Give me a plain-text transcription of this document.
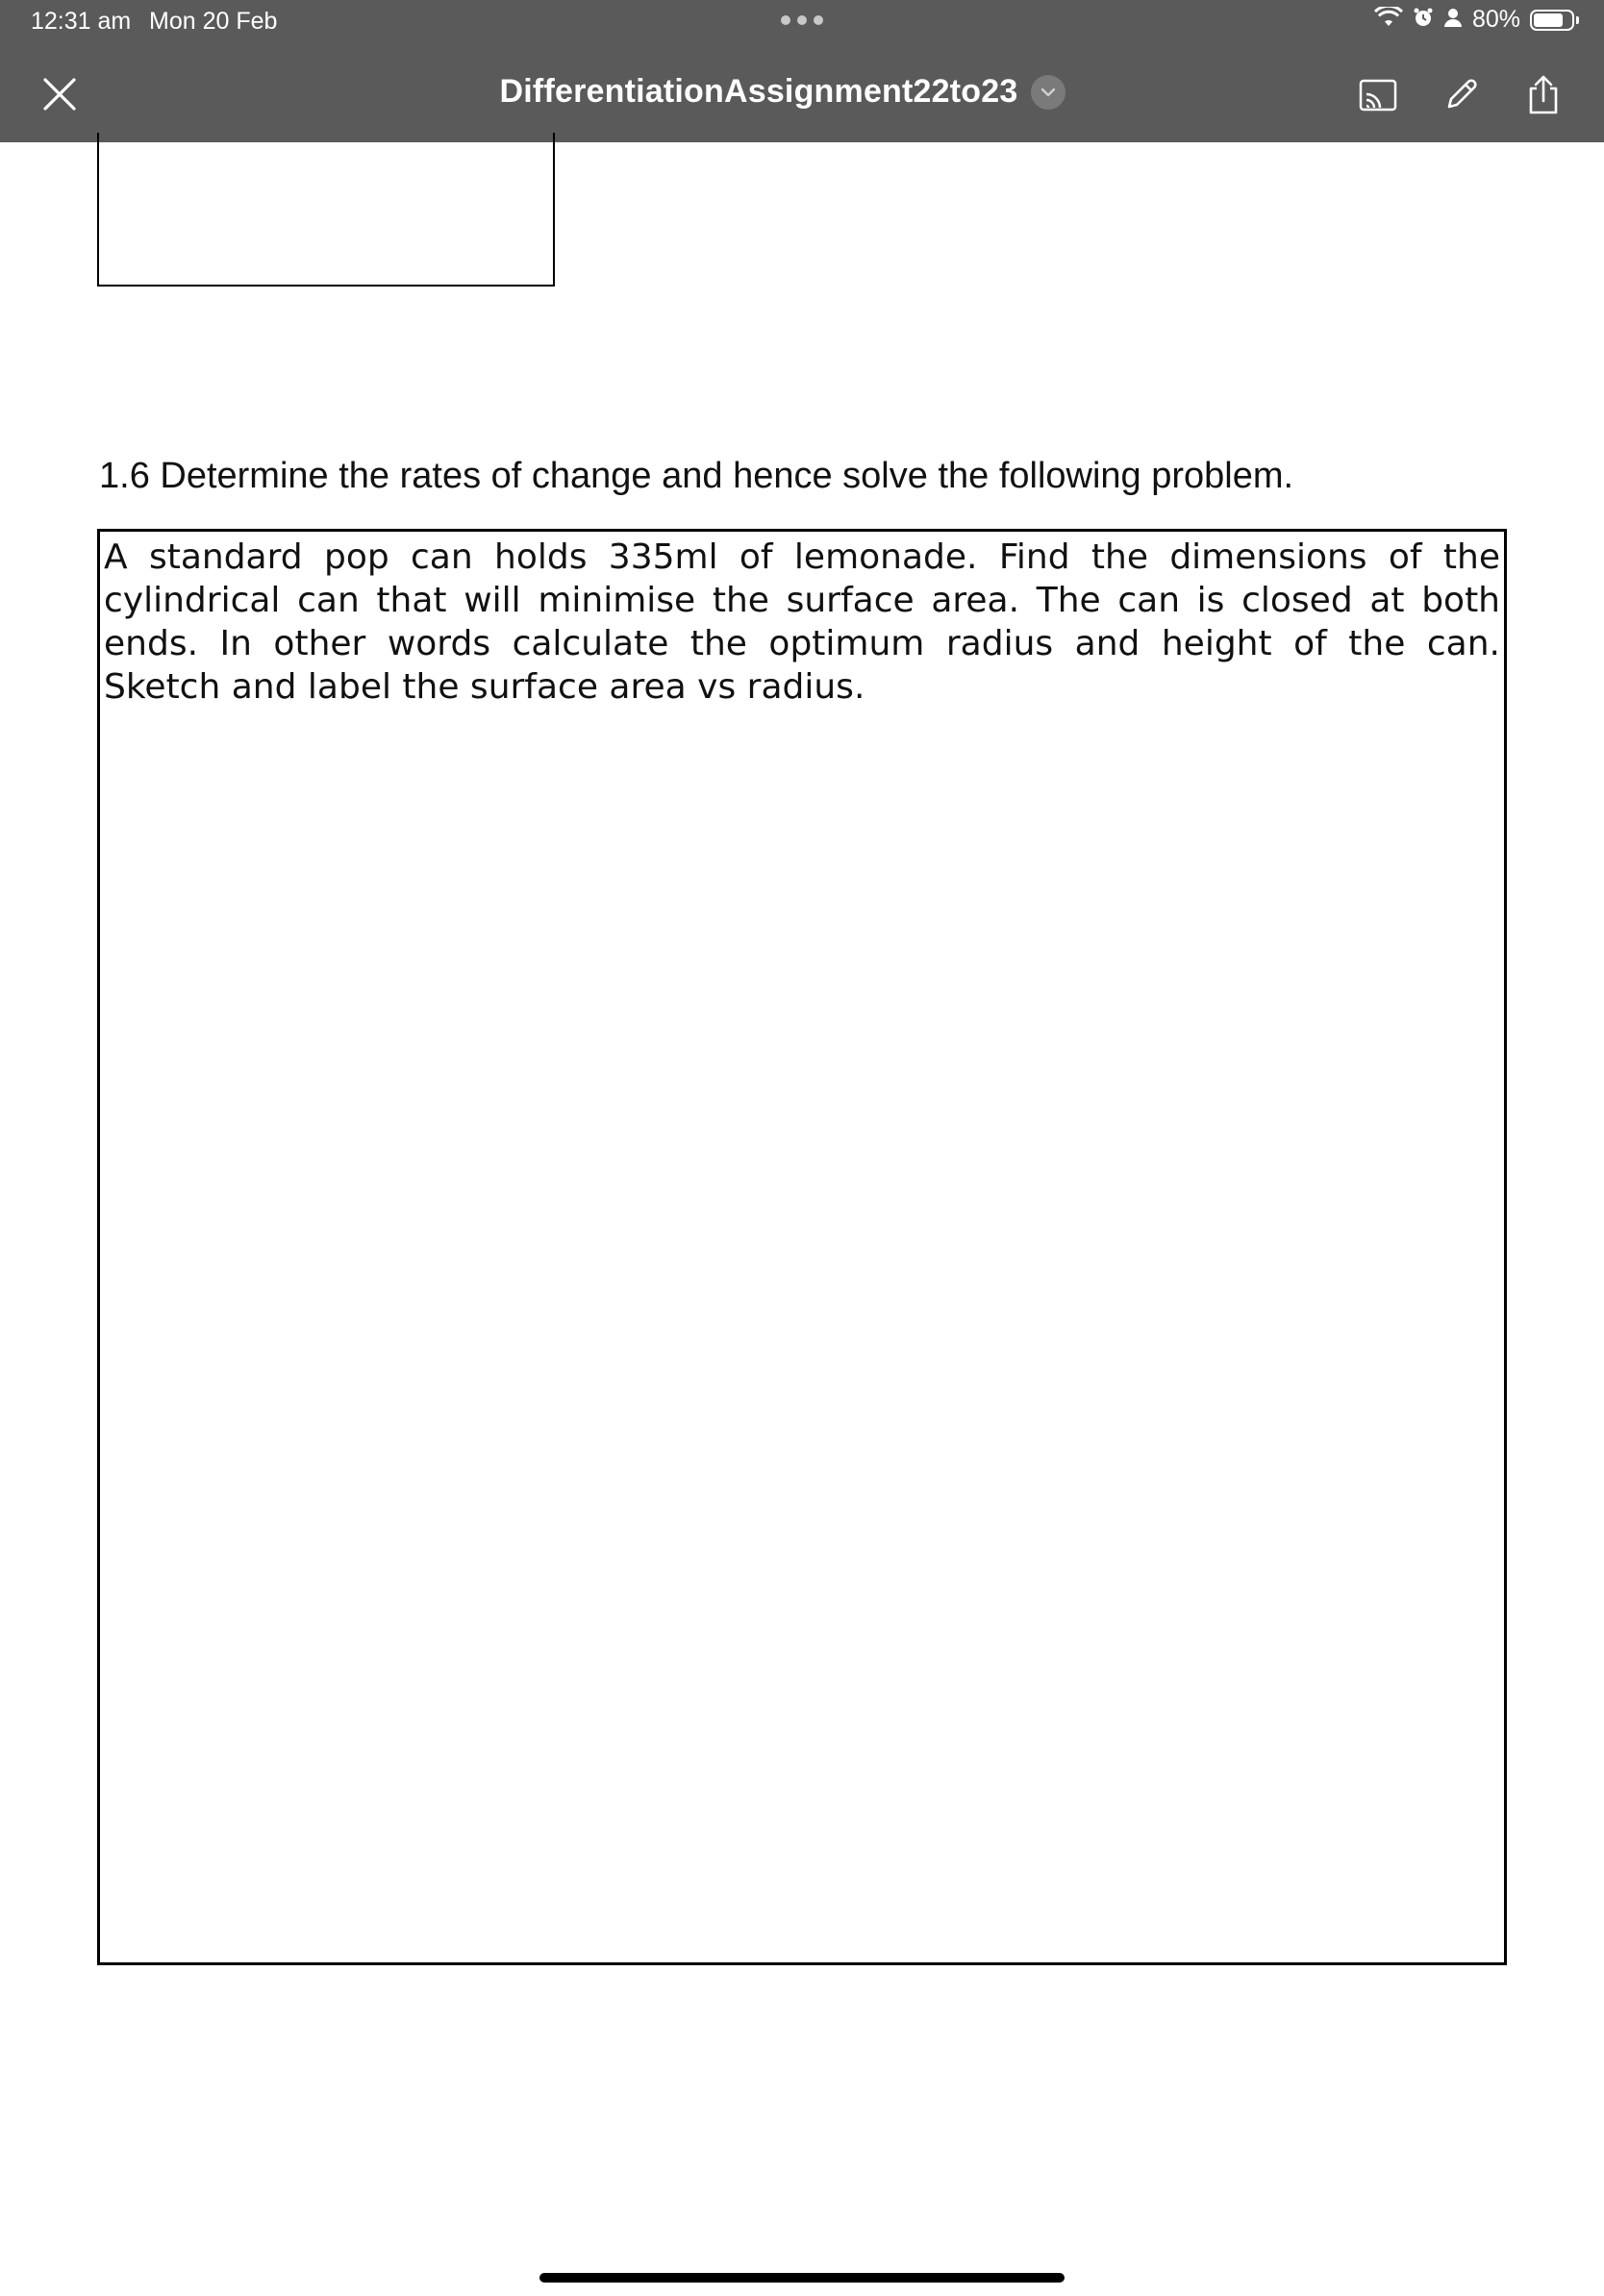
12:31 am Mon 20 Feb	80%
DifferentiationAssignment22to23
1.6 Determine the rates of change and hence solve the following problem.

A standard pop can holds 335ml of lemonade. Find the dimensions of the cylindrical can that will minimise the surface area. The can is closed at both ends. In other words calculate the optimum radius and height of the can. Sketch and label the surface area vs radius.
